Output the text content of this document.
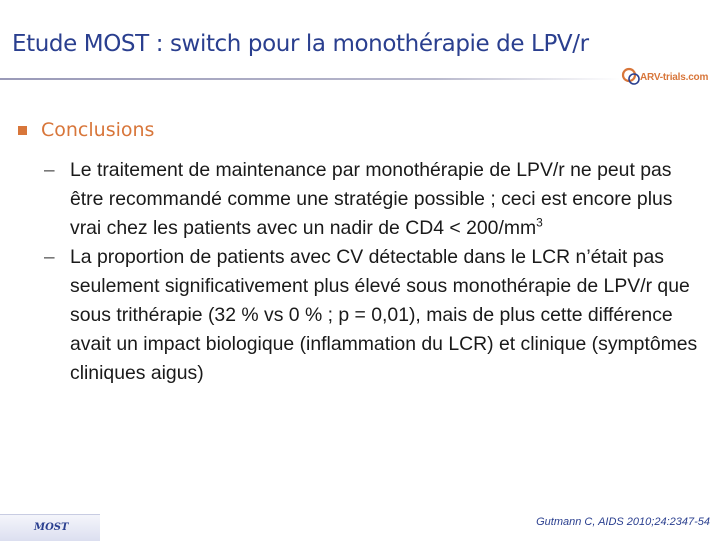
Etude MOST : switch pour la monothérapie de LPV/r
ARV-trials.com
Conclusions
– Le traitement de maintenance par monothérapie de LPV/r ne peut pas être recommandé comme une stratégie possible ; ceci est encore plus vrai chez les patients avec un nadir de $CD4 < 200/mm^3$
– La proportion de patients avec CV détectable dans le LCR n’était pas seulement significativement plus élevé sous monothérapie de LPV/r que sous trithérapie (32 % vs 0 % ; p = 0,01), mais de plus cette différence avait un impact biologique (inflammation du LCR) et clinique (symptômes cliniques aigus)
MOST	Gutmann C, AIDS 2010;24:2347-54
